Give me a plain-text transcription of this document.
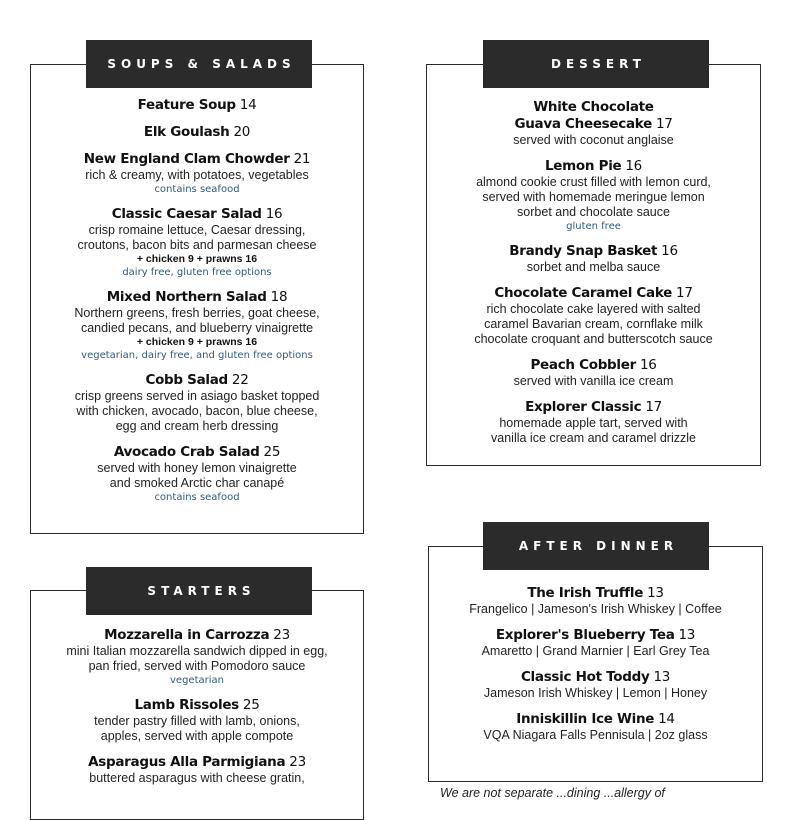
Feature Soup 14
Elk Goulash 20
New England Clam Chowder 21
rich & creamy, with potatoes, vegetables
contains seafood
Classic Caesar Salad 16
crisp romaine lettuce, Caesar dressing,
croutons, bacon bits and parmesan cheese
+ chicken 9 + prawns 16
dairy free, gluten free options
Mixed Northern Salad 18
Northern greens, fresh berries, goat cheese,
candied pecans, and blueberry vinaigrette
+ chicken 9 + prawns 16
vegetarian, dairy free, and gluten free options
Cobb Salad 22
crisp greens served in asiago basket topped
with chicken, avocado, bacon, blue cheese,
egg and cream herb dressing
Avocado Crab Salad 25
served with honey lemon vinaigrette
and smoked Arctic char canapé
contains seafood
SOUPS & SALADS
Mozzarella in Carrozza 23
mini Italian mozzarella sandwich dipped in egg,
pan fried, served with Pomodoro sauce
vegetarian
Lamb Rissoles 25
tender pastry filled with lamb, onions,
apples, served with apple compote
Asparagus Alla Parmigiana 23
buttered asparagus with cheese gratin,
STARTERS
White Chocolate
Guava Cheesecake 17
served with coconut anglaise
Lemon Pie 16
almond cookie crust filled with lemon curd,
served with homemade meringue lemon
sorbet and chocolate sauce
gluten free
Brandy Snap Basket 16
sorbet and melba sauce
Chocolate Caramel Cake 17
rich chocolate cake layered with salted
caramel Bavarian cream, cornflake milk
chocolate croquant and butterscotch sauce
Peach Cobbler 16
served with vanilla ice cream
Explorer Classic 17
homemade apple tart, served with
vanilla ice cream and caramel drizzle
DESSERT
The Irish Truffle 13
Frangelico | Jameson's Irish Whiskey | Coffee
Explorer's Blueberry Tea 13
Amaretto | Grand Marnier | Earl Grey Tea
Classic Hot Toddy 13
Jameson Irish Whiskey | Lemon | Honey
Inniskillin Ice Wine 14
VQA Niagara Falls Pennisula | 2oz glass
AFTER DINNER
We are not separate ...dining ...allergy of
